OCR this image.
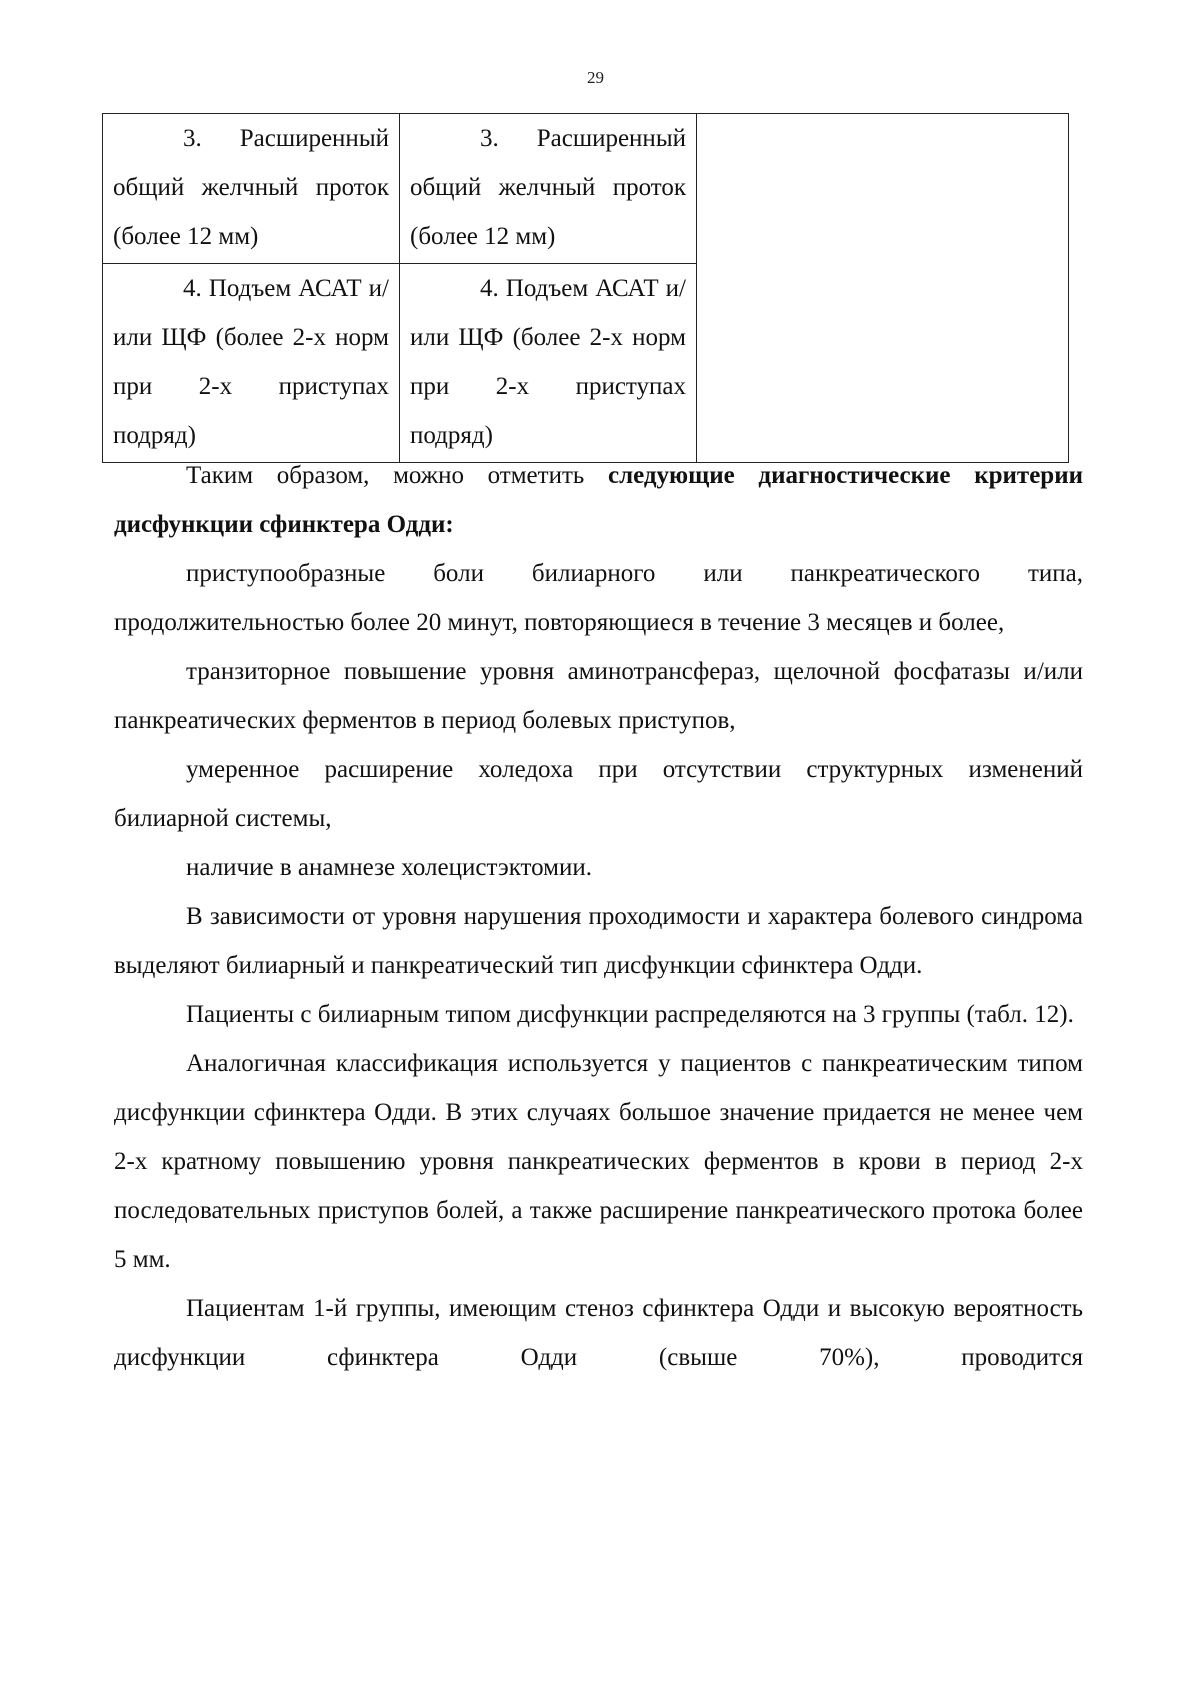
29
3. Расширенный общий желчный проток (более 12 мм)	3. Расширенный общий желчный проток (более 12 мм)	
4. Подъем АСАТ и/или ЩФ (более 2-х норм при 2-х приступах подряд)	4. Подъем АСАТ и/или ЩФ (более 2-х норм при 2-х приступах подряд)	

Таким образом, можно отметить следующие диагностические критерии дисфункции сфинктера Одди:

приступообразные боли билиарного или панкреатического типа, продолжительностью более 20 минут, повторяющиеся в течение 3 месяцев и более,

транзиторное повышение уровня аминотрансфераз, щелочной фосфатазы и/или панкреатических ферментов в период болевых приступов,

умеренное расширение холедоха при отсутствии структурных изменений билиарной системы,

наличие в анамнезе холецистэктомии.

В зависимости от уровня нарушения проходимости и характера болевого синдрома выделяют билиарный и панкреатический тип дисфункции сфинктера Одди.

Пациенты с билиарным типом дисфункции распределяются на 3 группы (табл. 12).

Аналогичная классификация используется у пациентов с панкреатическим типом дисфункции сфинктера Одди. В этих случаях большое значение придается не менее чем 2-х кратному повышению уровня панкреатических ферментов в крови в период 2-х последовательных приступов болей, а также расширение панкреатического протока более 5 мм.

Пациентам 1-й группы, имеющим стеноз сфинктера Одди и высокую вероятность дисфункции сфинктера Одди (свыше 70%), проводится
